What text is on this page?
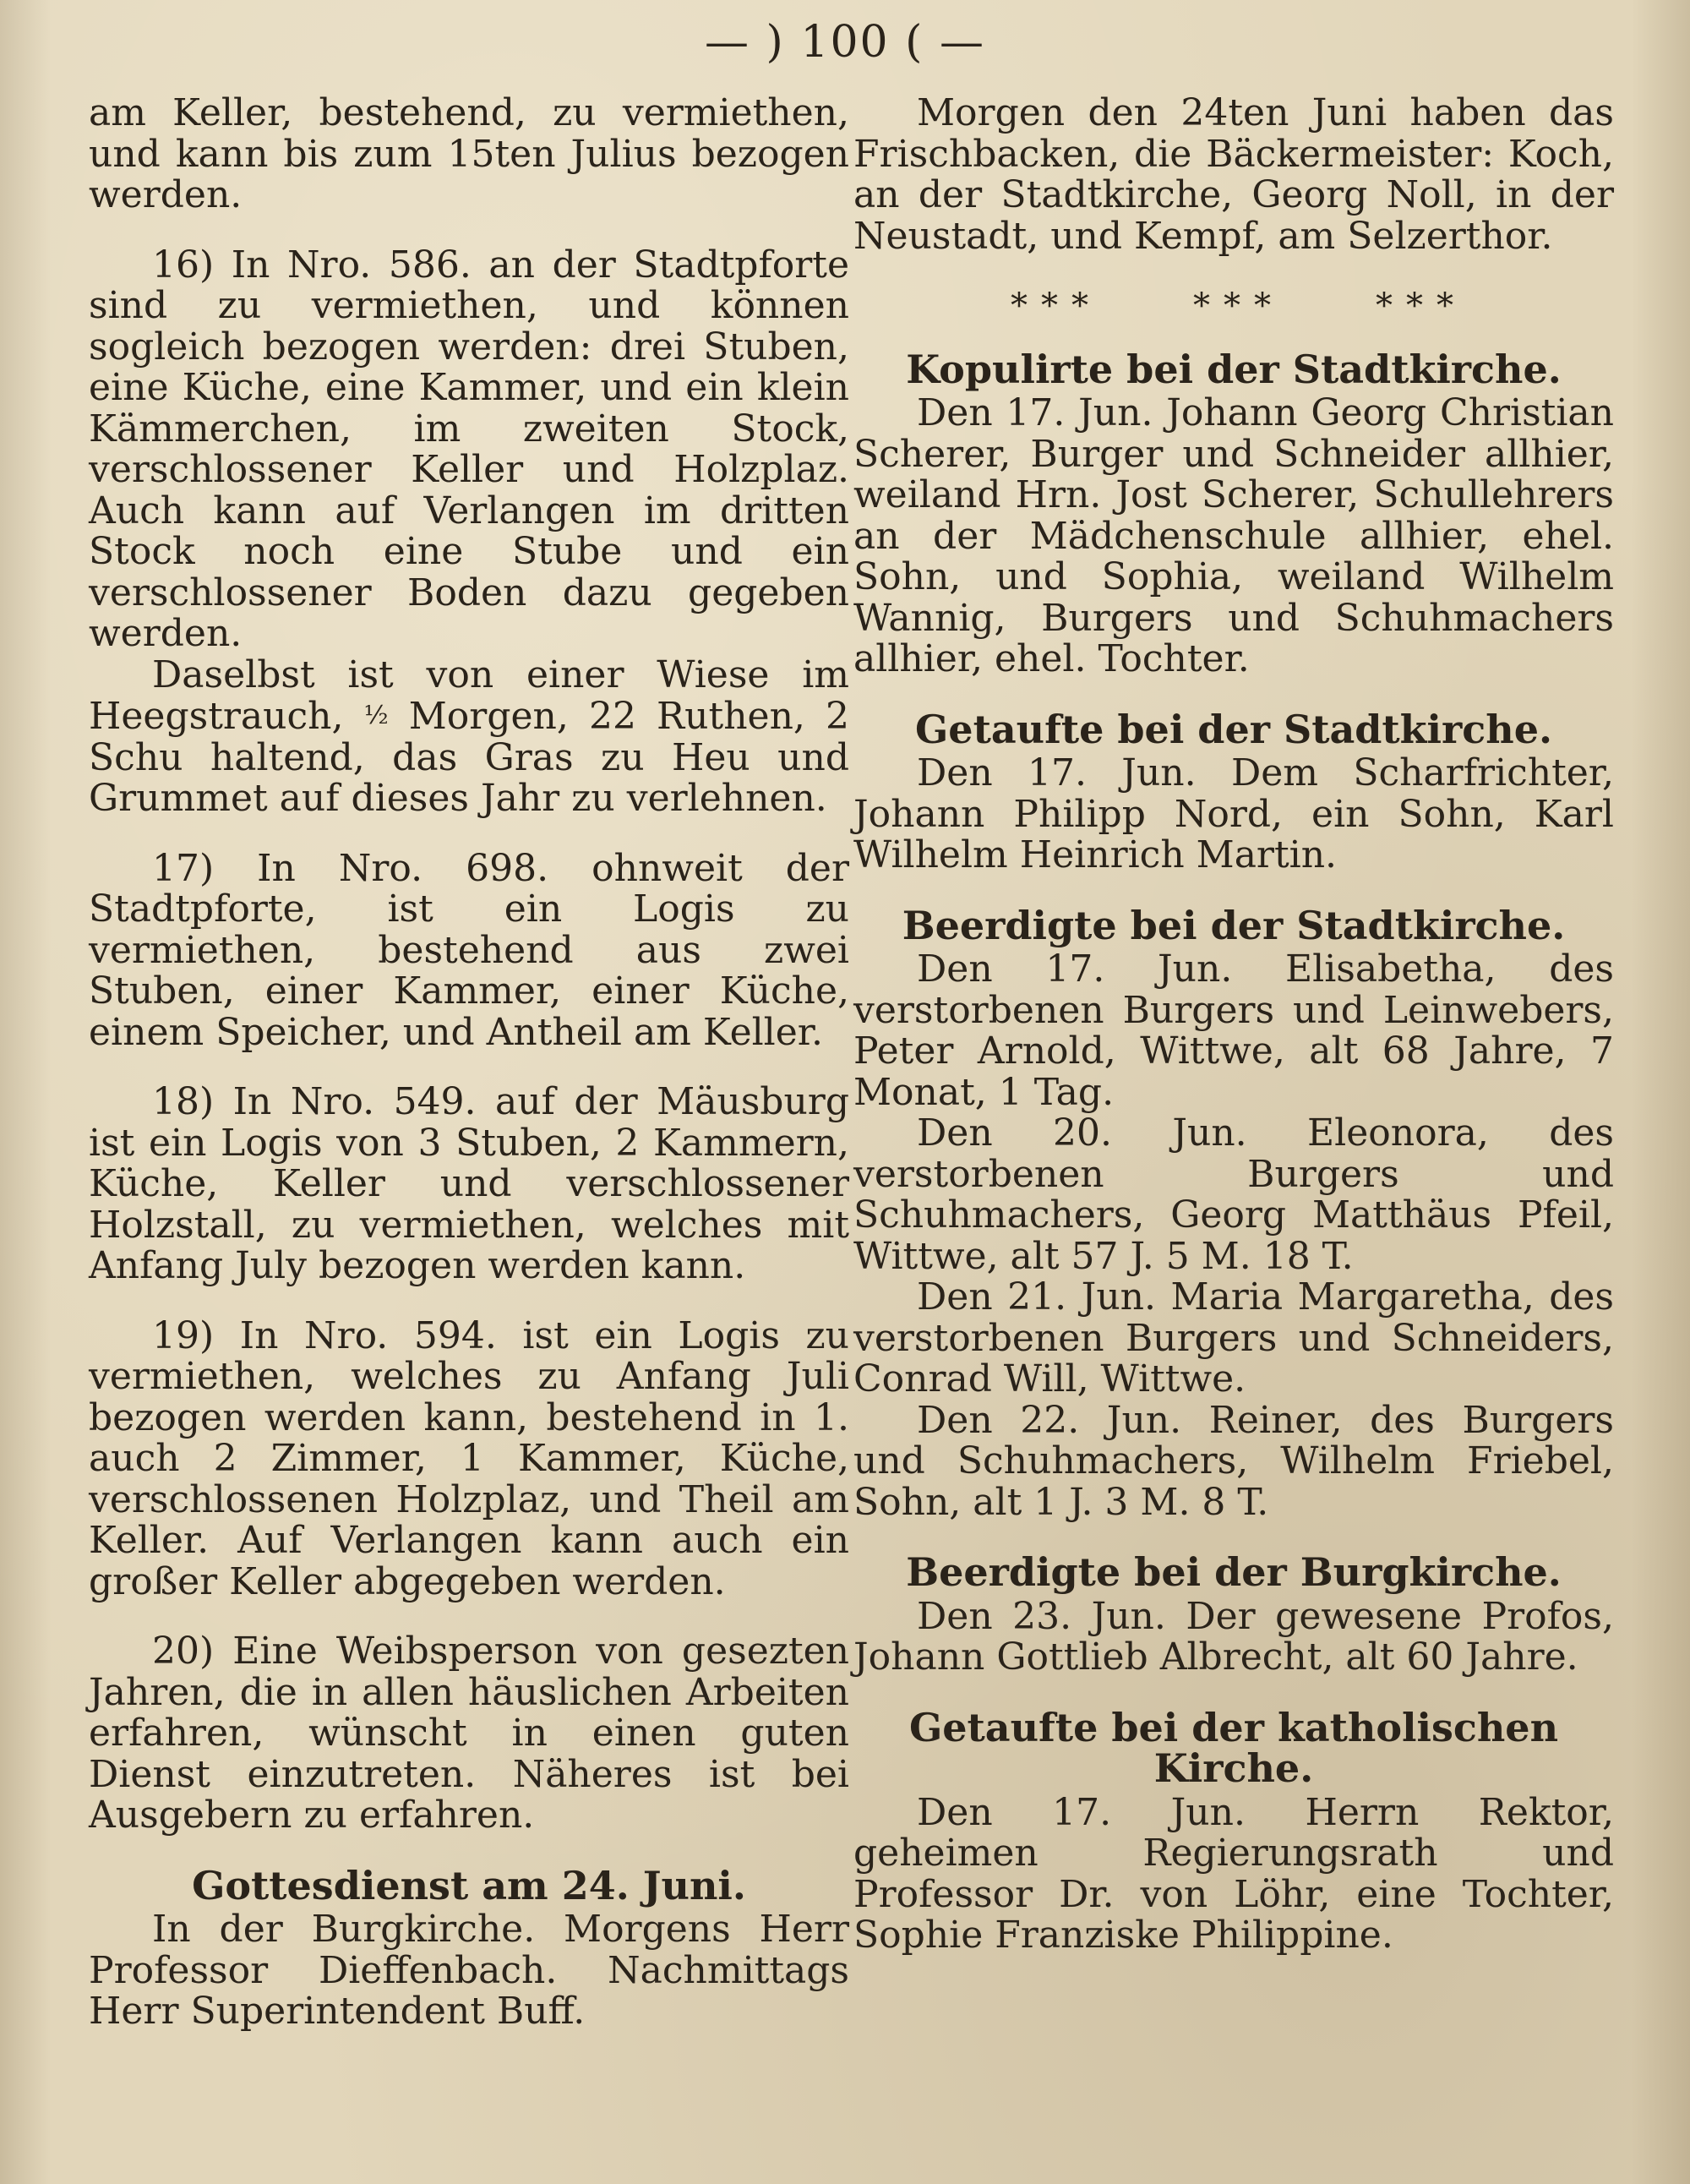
— ) 100 ( —

am Keller, bestehend, zu vermiethen, und kann bis zum 15ten Julius bezogen werden.

16) In Nro. 586. an der Stadtpforte sind zu vermiethen, und können sogleich bezogen werden: drei Stuben, eine Küche, eine Kammer, und ein klein Kämmerchen, im zweiten Stock, verschlossener Keller und Holzplaz. Auch kann auf Verlangen im dritten Stock noch eine Stube und ein verschlossener Boden dazu gegeben werden.

Daselbst ist von einer Wiese im Heegstrauch, ½ Morgen, 22 Ruthen, 2 Schu haltend, das Gras zu Heu und Grummet auf dieses Jahr zu verlehnen.

17) In Nro. 698. ohnweit der Stadtpforte, ist ein Logis zu vermiethen, bestehend aus zwei Stuben, einer Kammer, einer Küche, einem Speicher, und Antheil am Keller.

18) In Nro. 549. auf der Mäusburg ist ein Logis von 3 Stuben, 2 Kammern, Küche, Keller und verschlossener Holzstall, zu vermiethen, welches mit Anfang July bezogen werden kann.

19) In Nro. 594. ist ein Logis zu vermiethen, welches zu Anfang Juli bezogen werden kann, bestehend in 1. auch 2 Zimmer, 1 Kammer, Küche, verschlossenen Holzplaz, und Theil am Keller. Auf Verlangen kann auch ein großer Keller abgegeben werden.

20) Eine Weibsperson von gesezten Jahren, die in allen häuslichen Arbeiten erfahren, wünscht in einen guten Dienst einzutreten. Näheres ist bei Ausgebern zu erfahren.

Gottesdienst am 24. Juni.

In der Burgkirche. Morgens Herr Professor Dieffenbach. Nachmittags Herr Superintendent Buff.

Morgen den 24ten Juni haben das Frischbacken, die Bäckermeister: Koch, an der Stadtkirche, Georg Noll, in der Neustadt, und Kempf, am Selzerthor.

* * *	* * *	* * *
Kopulirte bei der Stadtkirche.

Den 17. Jun. Johann Georg Christian Scherer, Burger und Schneider allhier, weiland Hrn. Jost Scherer, Schullehrers an der Mädchenschule allhier, ehel. Sohn, und Sophia, weiland Wilhelm Wannig, Burgers und Schuhmachers allhier, ehel. Tochter.

Getaufte bei der Stadtkirche.

Den 17. Jun. Dem Scharfrichter, Johann Philipp Nord, ein Sohn, Karl Wilhelm Heinrich Martin.

Beerdigte bei der Stadtkirche.

Den 17. Jun. Elisabetha, des verstorbenen Burgers und Leinwebers, Peter Arnold, Wittwe, alt 68 Jahre, 7 Monat, 1 Tag.

Den 20. Jun. Eleonora, des verstorbenen Burgers und Schuhmachers, Georg Matthäus Pfeil, Wittwe, alt 57 J. 5 M. 18 T.

Den 21. Jun. Maria Margaretha, des verstorbenen Burgers und Schneiders, Conrad Will, Wittwe.

Den 22. Jun. Reiner, des Burgers und Schuhmachers, Wilhelm Friebel, Sohn, alt 1 J. 3 M. 8 T.

Beerdigte bei der Burgkirche.

Den 23. Jun. Der gewesene Profos, Johann Gottlieb Albrecht, alt 60 Jahre.

Getaufte bei der katholischen Kirche.

Den 17. Jun. Herrn Rektor, geheimen Regierungsrath und Professor Dr. von Löhr, eine Tochter, Sophie Franziske Philippine.
